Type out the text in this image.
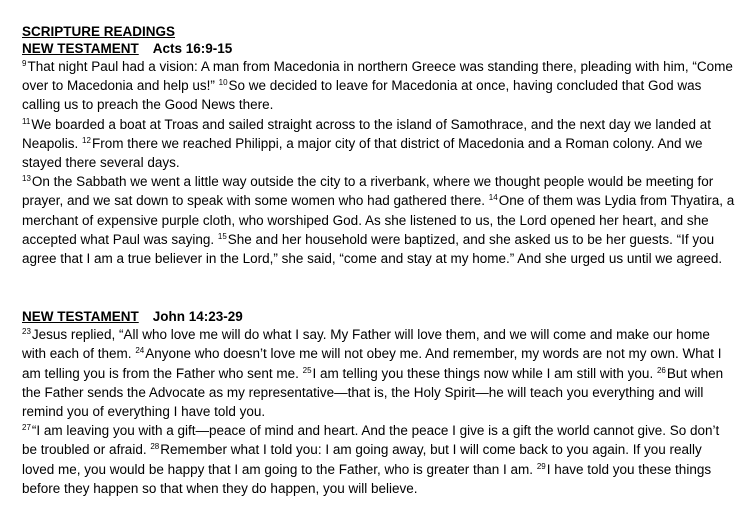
SCRIPTURE READINGS
NEW TESTAMENT Acts 16:9-15

$^9$That night Paul had a vision: A man from Macedonia in northern Greece was standing there, pleading with him, “Come over to Macedonia and help us!” $^{10}$So we decided to leave for Macedonia at once, having concluded that God was calling us to preach the Good News there.

$^{11}$We boarded a boat at Troas and sailed straight across to the island of Samothrace, and the next day we landed at Neapolis. $^{12}$From there we reached Philippi, a major city of that district of Macedonia and a Roman colony. And we stayed there several days.

$^{13}$On the Sabbath we went a little way outside the city to a riverbank, where we thought people would be meeting for prayer, and we sat down to speak with some women who had gathered there. $^{14}$One of them was Lydia from Thyatira, a merchant of expensive purple cloth, who worshiped God. As she listened to us, the Lord opened her heart, and she accepted what Paul was saying. $^{15}$She and her household were baptized, and she asked us to be her guests. “If you agree that I am a true believer in the Lord,” she said, “come and stay at my home.” And she urged us until we agreed.

NEW TESTAMENT John 14:23-29

$^{23}$Jesus replied, “All who love me will do what I say. My Father will love them, and we will come and make our home with each of them. $^{24}$Anyone who doesn’t love me will not obey me. And remember, my words are not my own. What I am telling you is from the Father who sent me. $^{25}$I am telling you these things now while I am still with you. $^{26}$But when the Father sends the Advocate as my representative—that is, the Holy Spirit—he will teach you everything and will remind you of everything I have told you.

$^{27}$“I am leaving you with a gift—peace of mind and heart. And the peace I give is a gift the world cannot give. So don’t be troubled or afraid. $^{28}$Remember what I told you: I am going away, but I will come back to you again. If you really loved me, you would be happy that I am going to the Father, who is greater than I am. $^{29}$I have told you these things before they happen so that when they do happen, you will believe.
